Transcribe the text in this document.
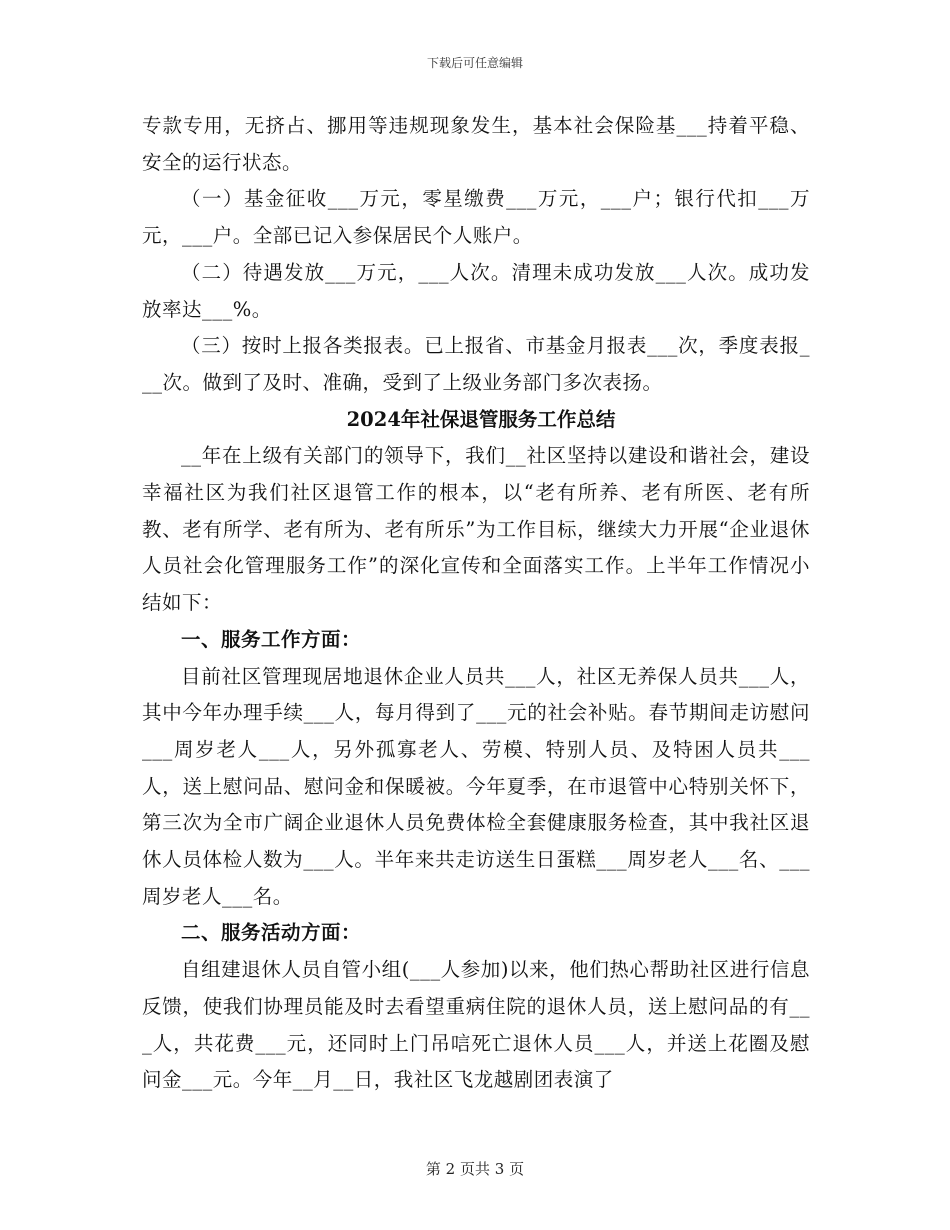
下载后可任意编辑

专款专用，无挤占、挪用等违规现象发生，基本社会保险基___持着平稳、安全的运行状态。

（一）基金征收___万元，零星缴费___万元，___户；银行代扣___万元，___户。全部已记入参保居民个人账户。

（二）待遇发放___万元，___人次。清理未成功发放___人次。成功发放率达___%。

（三）按时上报各类报表。已上报省、市基金月报表___次，季度表报___次。做到了及时、准确，受到了上级业务部门多次表扬。

2024年社保退管服务工作总结

__年在上级有关部门的领导下，我们__社区坚持以建设和谐社会，建设幸福社区为我们社区退管工作的根本，以“老有所养、老有所医、老有所教、老有所学、老有所为、老有所乐”为工作目标，继续大力开展“企业退休人员社会化管理服务工作”的深化宣传和全面落实工作。上半年工作情况小结如下：

一、服务工作方面：

目前社区管理现居地退休企业人员共___人，社区无养保人员共___人，其中今年办理手续___人，每月得到了___元的社会补贴。春节期间走访慰问___周岁老人___人，另外孤寡老人、劳模、特别人员、及特困人员共___人，送上慰问品、慰问金和保暖被。今年夏季，在市退管中心特别关怀下，第三次为全市广阔企业退休人员免费体检全套健康服务检查，其中我社区退休人员体检人数为___人。半年来共走访送生日蛋糕___周岁老人___名、___周岁老人___名。

二、服务活动方面：

自组建退休人员自管小组(___人参加)以来，他们热心帮助社区进行信息反馈，使我们协理员能及时去看望重病住院的退休人员，送上慰问品的有___人，共花费___元，还同时上门吊唁死亡退休人员___人，并送上花圈及慰问金___元。今年__月__日，我社区飞龙越剧团表演了

第 2 页共 3 页
